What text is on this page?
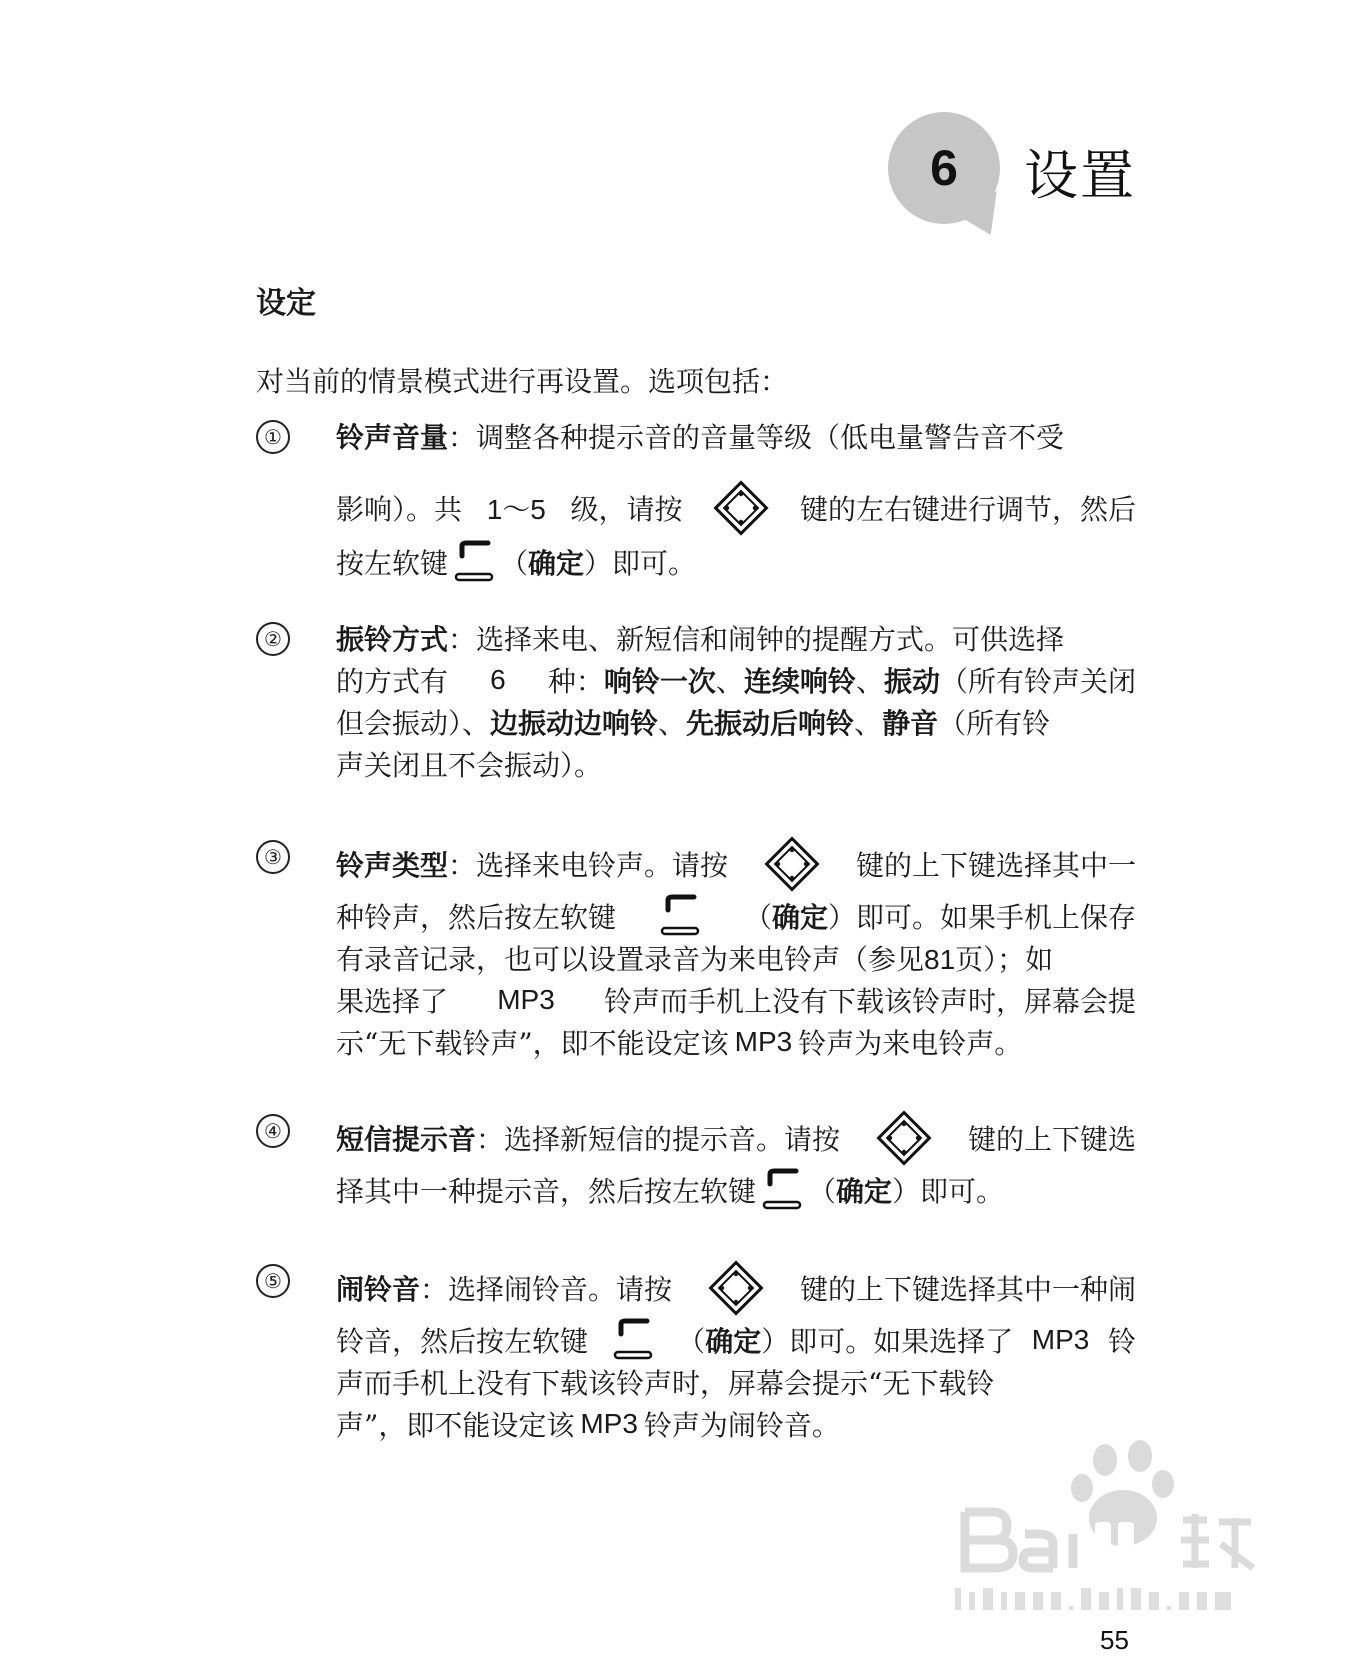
6	设置
设定
对当前的情景模式进行再设置。选项包括：
① 铃声音量：调整各种提示音的音量等级（低电量警告音不受
影响）。共 1～5 级，请按	键的左右键进行调节，然后
按左软键 （ 确定 ）即可。
② 振铃方式：选择来电、新短信和闹钟的提醒方式。可供选择
的方式有 6 种：响铃一次、连续响铃、振动（所有铃声关闭
但会振动）、边振动边响铃、先振动后响铃、静音（所有铃
声关闭且不会振动）。
③ 铃声类型：选择来电铃声。请按	键的上下键选择其中一
种铃声，然后按左软键	（确定）即可。如果手机上保存
有录音记录，也可以设置录音为来电铃声（参见81页）；如
果选择了 MP3 铃声而手机上没有下载该铃声时，屏幕会提
示“无下载铃声”，即不能设定该 MP3 铃声为来电铃声。
④ 短信提示音：选择新短信的提示音。请按	键的上下键选
择其中一种提示音，然后按左软键 （ 确定 ）即可。
⑤ 闹铃音：选择闹铃音。请按	键的上下键选择其中一种闹
铃音，然后按左软键	（确定）即可。如果选择了 MP3 铃
声而手机上没有下载该铃声时，屏幕会提示“无下载铃
声”，即不能设定该 MP3 铃声为闹铃音。
55
